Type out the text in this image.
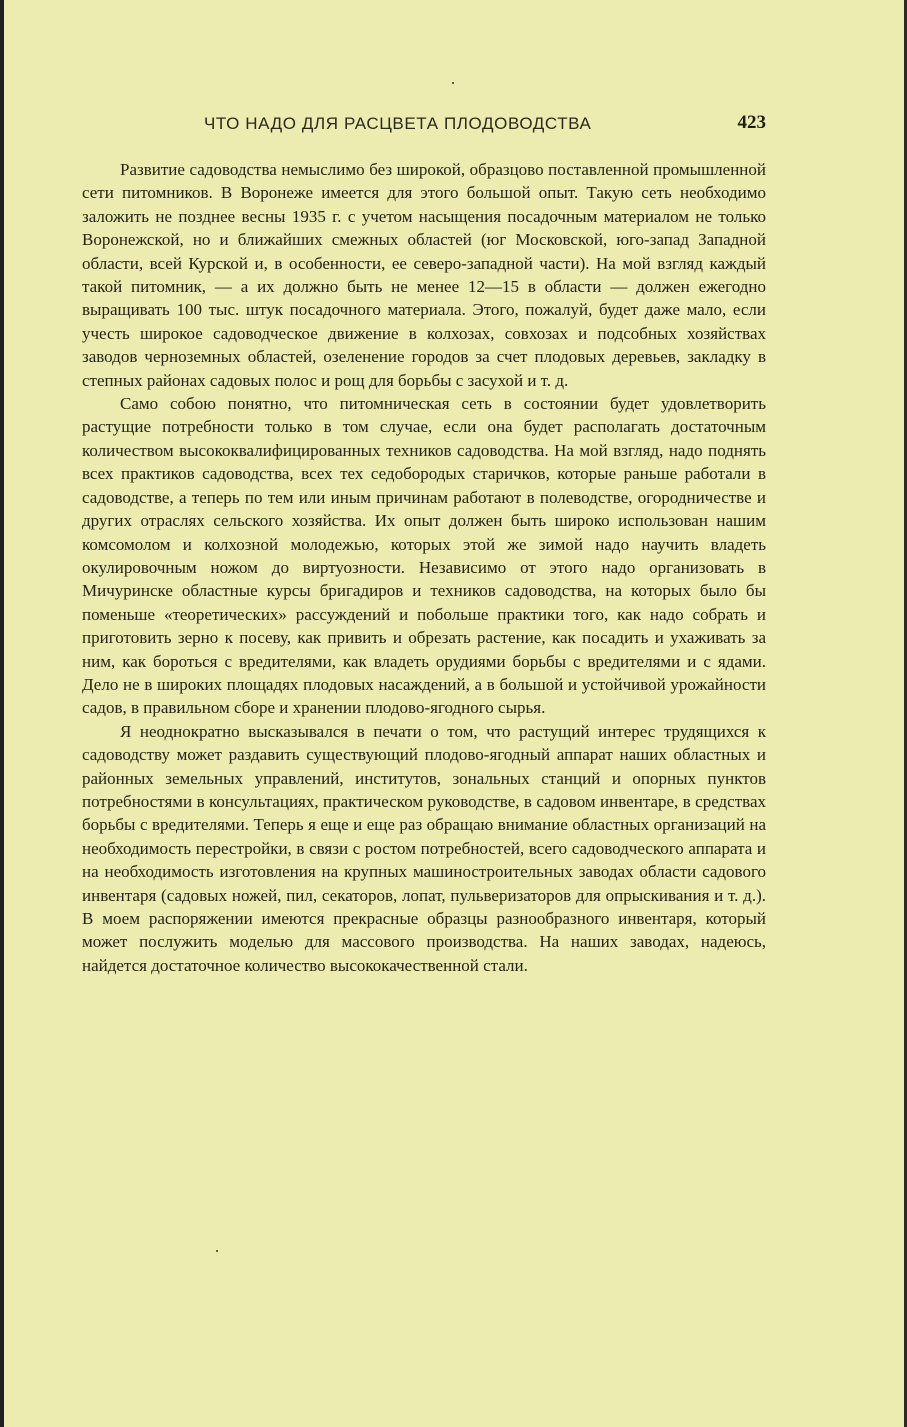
ЧТО НАДО ДЛЯ РАСЦВЕТА ПЛОДОВОДСТВА	423

Развитие садоводства немыслимо без широкой, образцово поставленной промышленной сети питомников. В Воронеже имеется для этого большой опыт. Такую сеть необходимо заложить не позднее весны 1935 г. с учетом насыщения посадочным материалом не только Воронежской, но и ближайших смежных областей (юг Московской, юго-запад Западной области, всей Курской и, в особенности, ее северо-западной части). На мой взгляд каждый такой питомник, — а их должно быть не менее 12—15 в области — должен ежегодно выращивать 100 тыс. штук посадочного материала. Этого, пожалуй, будет даже мало, если учесть широкое садоводческое движение в колхозах, совхозах и подсобных хозяйствах заводов черноземных областей, озеленение городов за счет плодовых деревьев, закладку в степных районах садовых полос и рощ для борьбы с засухой и т. д.

Само собою понятно, что питомническая сеть в состоянии будет удовлетворить растущие потребности только в том случае, если она будет располагать достаточным количеством высококвалифицированных техников садоводства. На мой взгляд, надо поднять всех практиков садоводства, всех тех седобородых старичков, которые раньше работали в садоводстве, а теперь по тем или иным причинам работают в полеводстве, огородничестве и других отраслях сельского хозяйства. Их опыт должен быть широко использован нашим комсомолом и колхозной молодежью, которых этой же зимой надо научить владеть окулировочным ножом до виртуозности. Независимо от этого надо организовать в Мичуринске областные курсы бригадиров и техников садоводства, на которых было бы поменьше «теоретических» рассуждений и побольше практики того, как надо собрать и приготовить зерно к посеву, как привить и обрезать растение, как посадить и ухаживать за ним, как бороться с вредителями, как владеть орудиями борьбы с вредителями и с ядами. Дело не в широких площадях плодовых насаждений, а в большой и устойчивой урожайности садов, в правильном сборе и хранении плодово-ягодного сырья.

Я неоднократно высказывался в печати о том, что растущий интерес трудящихся к садоводству может раздавить существующий плодово-ягодный аппарат наших областных и районных земельных управлений, институтов, зональных станций и опорных пунктов потребностями в консультациях, практическом руководстве, в садовом инвентаре, в средствах борьбы с вредителями. Теперь я еще и еще раз обращаю внимание областных организаций на необходимость перестройки, в связи с ростом потребностей, всего садоводческого аппарата и на необходимость изготовления на крупных машиностроительных заводах области садового инвентаря (садовых ножей, пил, секаторов, лопат, пульверизаторов для опрыскивания и т. д.). В моем распоряжении имеются прекрасные образцы разнообразного инвентаря, который может послужить моделью для массового производства. На наших заводах, надеюсь, найдется достаточное количество высококачественной стали.
